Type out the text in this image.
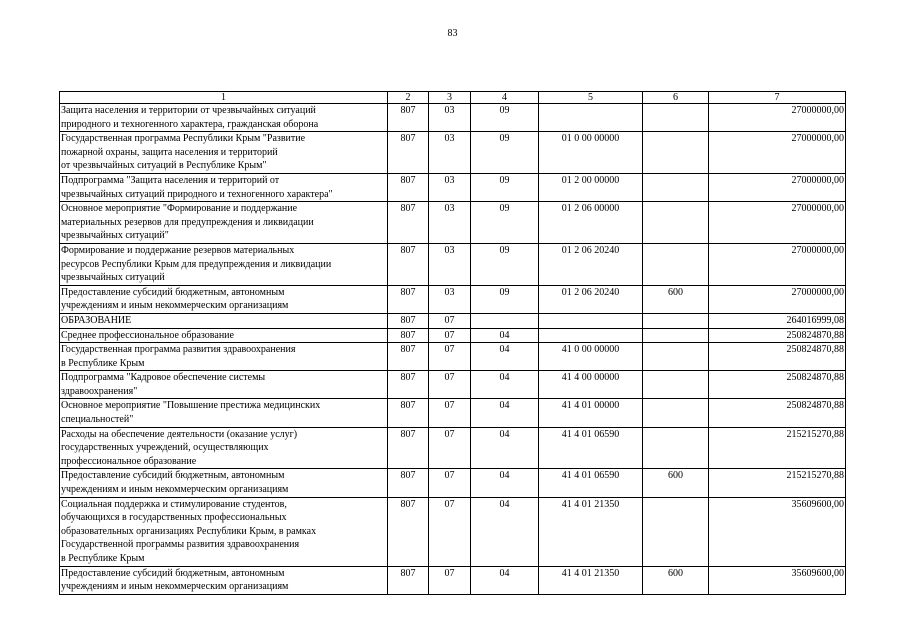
83
1	2	3	4	5	6	7

Защита населения и территории от чрезвычайных ситуаций
природного и техногенного характера, гражданская оборона	807	03	09			27000000,00

Государственная программа Республики Крым "Развитие
пожарной охраны, защита населения и территорий
от чрезвычайных ситуаций в Республике Крым"	807	03	09	01 0 00 00000		27000000,00

Подпрограмма "Защита населения и территорий от
чрезвычайных ситуаций природного и техногенного характера"	807	03	09	01 2 00 00000		27000000,00

Основное мероприятие "Формирование и поддержание
материальных резервов для предупреждения и ликвидации
чрезвычайных ситуаций"	807	03	09	01 2 06 00000		27000000,00

Формирование и поддержание резервов материальных
ресурсов Республики Крым для предупреждения и ликвидации
чрезвычайных ситуаций	807	03	09	01 2 06 20240		27000000,00

Предоставление субсидий бюджетным, автономным
учреждениям и иным некоммерческим организациям	807	03	09	01 2 06 20240	600	27000000,00

ОБРАЗОВАНИЕ	807	07				264016999,08

Среднее профессиональное образование	807	07	04			250824870,88

Государственная программа развития здравоохранения
в Республике Крым	807	07	04	41 0 00 00000		250824870,88

Подпрограмма "Кадровое обеспечение системы
здравоохранения"	807	07	04	41 4 00 00000		250824870,88

Основное мероприятие "Повышение престижа медицинских
специальностей"	807	07	04	41 4 01 00000		250824870,88

Расходы на обеспечение деятельности (оказание услуг)
государственных учреждений, осуществляющих
профессиональное образование	807	07	04	41 4 01 06590		215215270,88

Предоставление субсидий бюджетным, автономным
учреждениям и иным некоммерческим организациям	807	07	04	41 4 01 06590	600	215215270,88

Социальная поддержка и стимулирование студентов,
обучающихся в государственных профессиональных
образовательных организациях Республики Крым, в рамках
Государственной программы развития здравоохранения
в Республике Крым	807	07	04	41 4 01 21350		35609600,00

Предоставление субсидий бюджетным, автономным
учреждениям и иным некоммерческим организациям	807	07	04	41 4 01 21350	600	35609600,00
